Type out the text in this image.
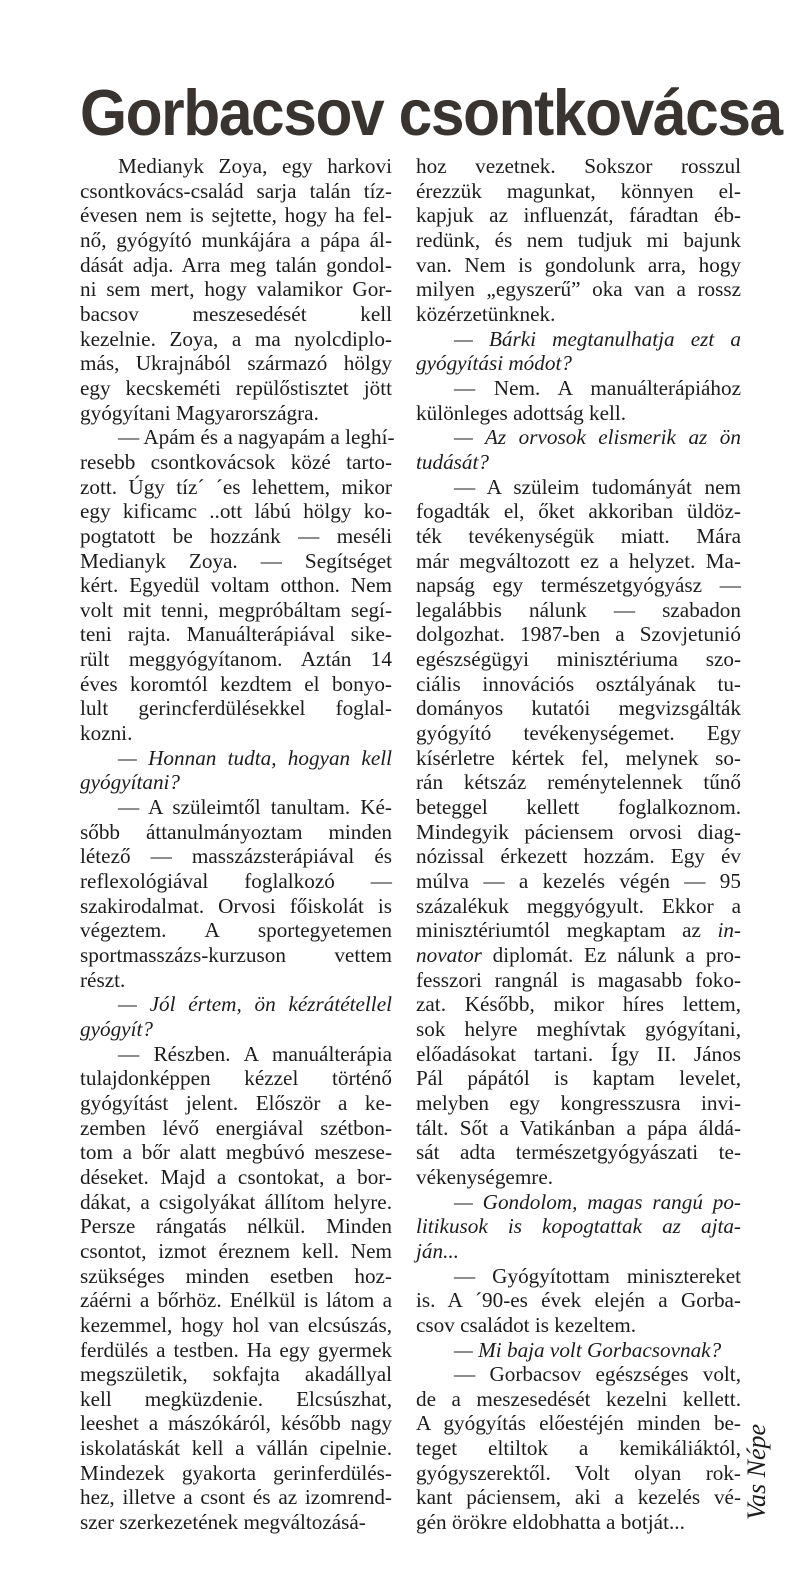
Gorbacsov csontkovácsa

Medianyk Zoya, egy harkovi
csontkovács-család sarja talán tíz-
évesen nem is sejtette, hogy ha fel-
nő, gyógyító munkájára a pápa ál-
dását adja. Arra meg talán gondol-
ni sem mert, hogy valamikor Gor-
bacsov meszesedését kell
kezelnie. Zoya, a ma nyolcdiplo-
más, Ukrajnából származó hölgy
egy kecskeméti repülőstisztet jött
gyógyítani Magyarországra.

— Apám és a nagyapám a leghí-
resebb csontkovácsok közé tarto-
zott. Úgy tíz´ ´es lehettem, mikor
egy kificamc ..ott lábú hölgy ko-
pogtatott be hozzánk — meséli
Medianyk Zoya. — Segítséget
kért. Egyedül voltam otthon. Nem
volt mit tenni, megpróbáltam segí-
teni rajta. Manuálterápiával sike-
rült meggyógyítanom. Aztán 14
éves koromtól kezdtem el bonyo-
lult gerincferdülésekkel foglal-
kozni.

— Honnan tudta, hogyan kell
gyógyítani?

— A szüleimtől tanultam. Ké-
sőbb áttanulmányoztam minden
létező — masszázsterápiával és
reflexológiával foglalkozó —
szakirodalmat. Orvosi főiskolát is
végeztem. A sportegyetemen
sportmasszázs-kurzuson vettem
részt.

— Jól értem, ön kézrátétellel
gyógyít?

— Részben. A manuálterápia
tulajdonképpen kézzel történő
gyógyítást jelent. Először a ke-
zemben lévő energiával szétbon-
tom a bőr alatt megbúvó meszese-
déseket. Majd a csontokat, a bor-
dákat, a csigolyákat állítom helyre.
Persze rángatás nélkül. Minden
csontot, izmot éreznem kell. Nem
szükséges minden esetben hoz-
záérni a bőrhöz. Enélkül is látom a
kezemmel, hogy hol van elcsúszás,
ferdülés a testben. Ha egy gyermek
megszületik, sokfajta akadállyal
kell megküzdenie. Elcsúszhat,
leeshet a mászókáról, később nagy
iskolatáskát kell a vállán cipelnie.
Mindezek gyakorta gerinferdülés-
hez, illetve a csont és az izomrend-
szer szerkezetének megváltozásá-

hoz vezetnek. Sokszor rosszul
érezzük magunkat, könnyen el-
kapjuk az influenzát, fáradtan éb-
redünk, és nem tudjuk mi bajunk
van. Nem is gondolunk arra, hogy
milyen „egyszerű” oka van a rossz
közérzetünknek.

— Bárki megtanulhatja ezt a
gyógyítási módot?

— Nem. A manuálterápiához
különleges adottság kell.

— Az orvosok elismerik az ön
tudását?

— A szüleim tudományát nem
fogadták el, őket akkoriban üldöz-
ték tevékenységük miatt. Mára
már megváltozott ez a helyzet. Ma-
napság egy természetgyógyász —
legalábbis nálunk — szabadon
dolgozhat. 1987-ben a Szovjetunió
egészségügyi minisztériuma szo-
ciális innovációs osztályának tu-
dományos kutatói megvizsgálták
gyógyító tevékenységemet. Egy
kísérletre kértek fel, melynek so-
rán kétszáz reménytelennek tűnő
beteggel kellett foglalkoznom.
Mindegyik páciensem orvosi diag-
nózissal érkezett hozzám. Egy év
múlva — a kezelés végén — 95
százalékuk meggyógyult. Ekkor a
minisztériumtól megkaptam az in-
novator diplomát. Ez nálunk a pro-
fesszori rangnál is magasabb foko-
zat. Később, mikor híres lettem,
sok helyre meghívtak gyógyítani,
előadásokat tartani. Így II. János
Pál pápától is kaptam levelet,
melyben egy kongresszusra invi-
tált. Sőt a Vatikánban a pápa áldá-
sát adta természetgyógyászati te-
vékenységemre.

— Gondolom, magas rangú po-
litikusok is kopogtattak az ajta-
ján...

— Gyógyítottam minisztereket
is. A ´90-es évek elején a Gorba-
csov családot is kezeltem.

— Mi baja volt Gorbacsovnak?

— Gorbacsov egészséges volt,
de a meszesedését kezelni kellett.
A gyógyítás előestéjén minden be-
teget eltiltok a kemikáliáktól,
gyógyszerektől. Volt olyan rok-
kant páciensem, aki a kezelés vé-
gén örökre eldobhatta a botját...

Vas Népe
